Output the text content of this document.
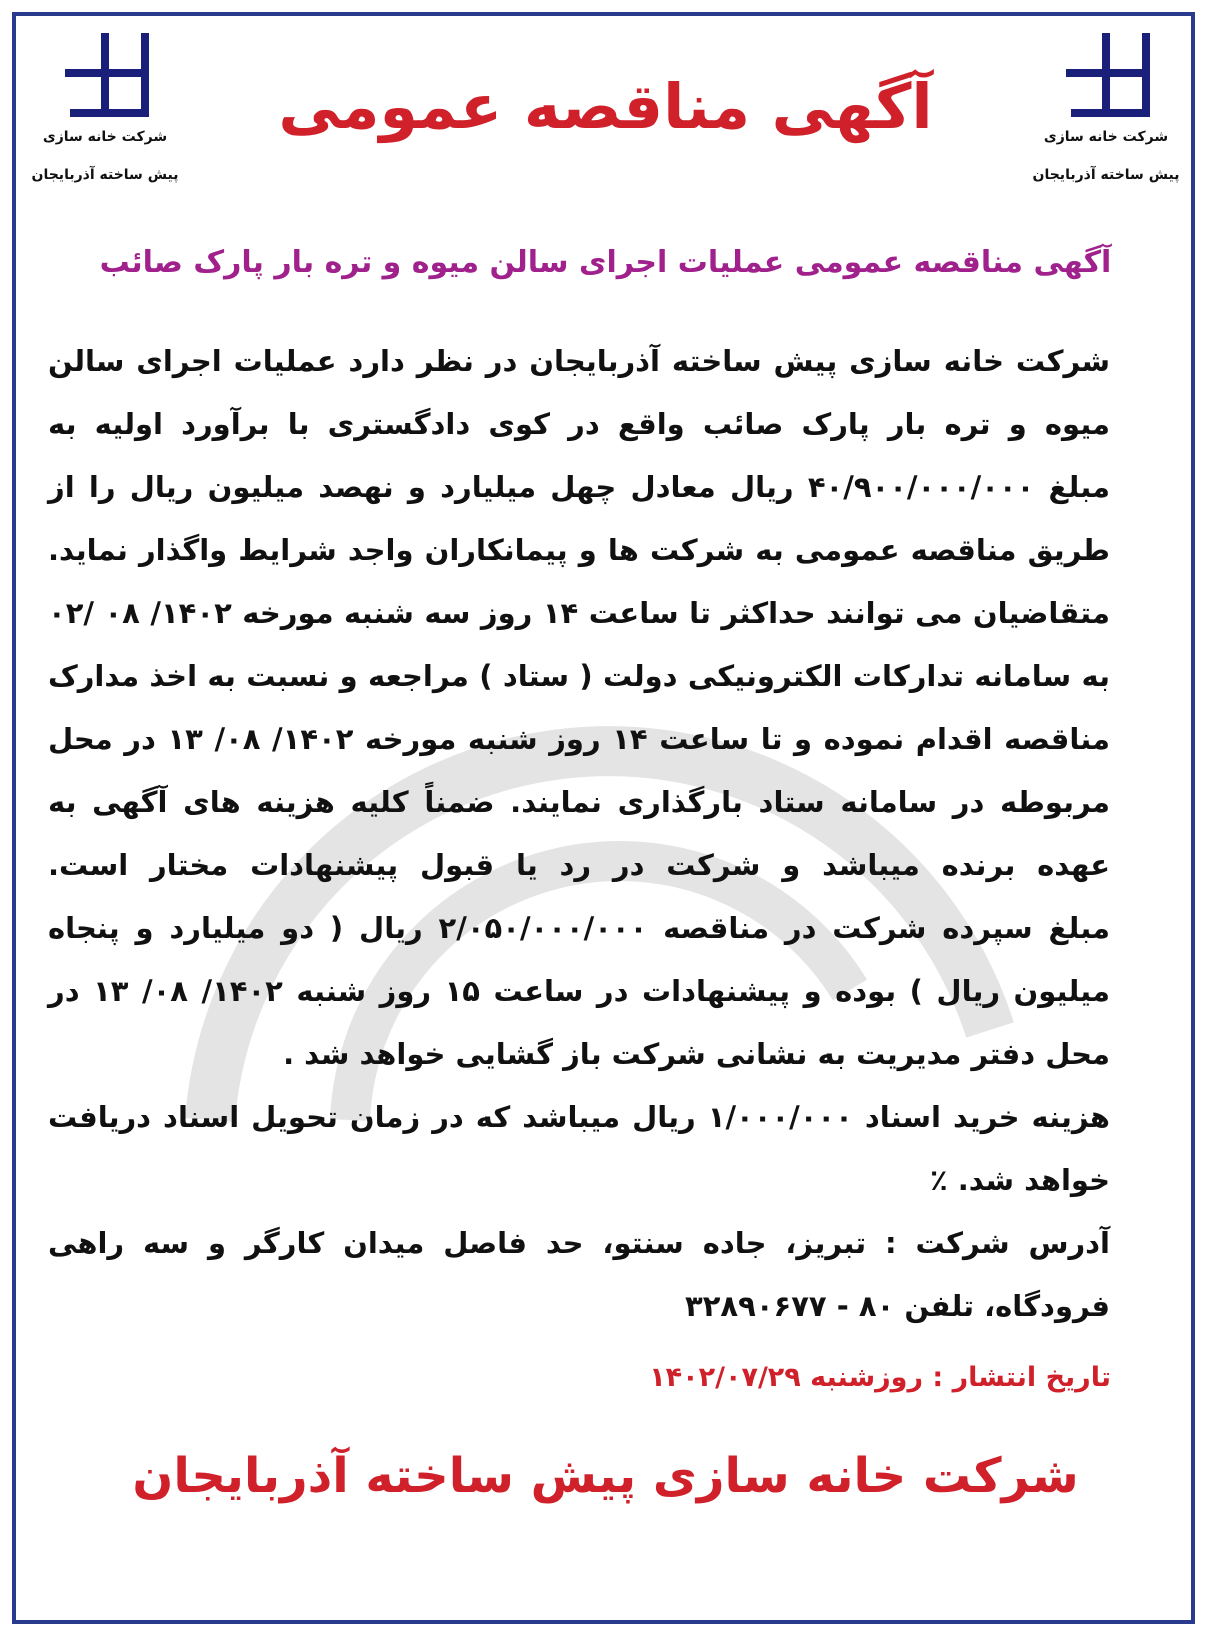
شرکت خانه سازی
پیش ساخته آذربایجان
شرکت خانه سازی
پیش ساخته آذربایجان
آگهی مناقصه عمومی
آگهی مناقصه عمومی عملیات اجرای سالن میوه و تره بار پارک صائب
شرکت خانه سازی پیش ساخته آذربایجان در نظر دارد عملیات اجرای سالن
میوه و تره بار پارک صائب واقع در کوی دادگستری با برآورد اولیه به
مبلغ ۴۰/۹۰۰/۰۰۰/۰۰۰ ریال معادل چهل میلیارد و نهصد میلیون ریال را از
طریق مناقصه عمومی به شرکت ها و پیمانکاران واجد شرایط واگذار نماید.
متقاضیان می توانند حداکثر تا ساعت ۱۴ روز سه شنبه مورخه ۱۴۰۲/ ۰۸ /۰۲
به سامانه تدارکات الکترونیکی دولت ( ستاد ) مراجعه و نسبت به اخذ مدارک
مناقصه اقدام نموده و تا ساعت ۱۴ روز شنبه مورخه ۱۴۰۲/ ۰۸/ ۱۳ در محل
مربوطه در سامانه ستاد بارگذاری نمایند. ضمناً کلیه هزینه های آگهی به
عهده برنده میباشد و شرکت در رد یا قبول پیشنهادات مختار است.
مبلغ سپرده شرکت در مناقصه ۲/۰۵۰/۰۰۰/۰۰۰ ریال ( دو میلیارد و پنجاه
میلیون ریال ) بوده و پیشنهادات در ساعت ۱۵ روز شنبه ۱۴۰۲/ ۰۸/ ۱۳ در
محل دفتر مدیریت به نشانی شرکت باز گشایی خواهد شد .
هزینه خرید اسناد ۱/۰۰۰/۰۰۰ ریال میباشد که در زمان تحویل اسناد دریافت
خواهد شد. ٪
آدرس شرکت : تبریز، جاده سنتو، حد فاصل میدان کارگر و سه راهی
فرودگاه، تلفن ۸۰ - ۳۲۸۹۰۶۷۷
تاریخ انتشار : روزشنبه ۱۴۰۲/۰۷/۲۹
شرکت خانه سازی پیش ساخته آذربایجان
